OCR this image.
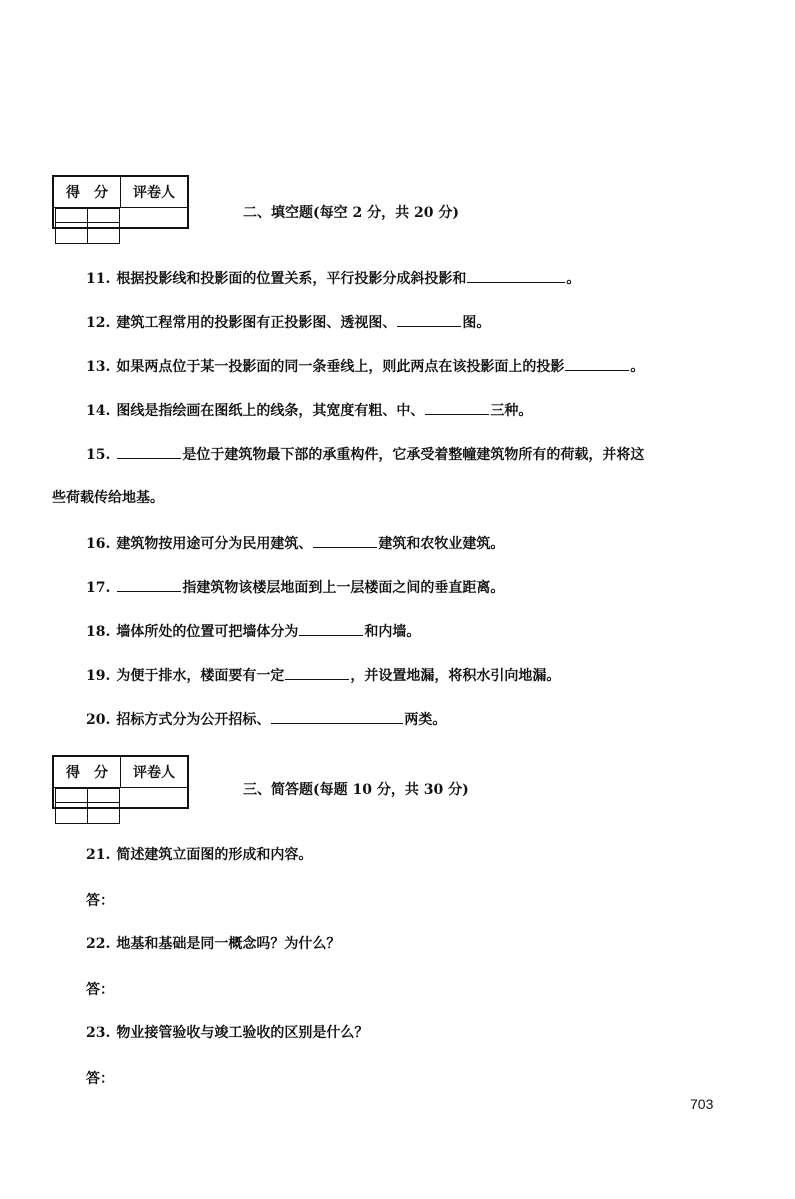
得　分	评卷人

二、填空题(每空 2 分，共 20 分)
11. 根据投影线和投影面的位置关系，平行投影分成斜投影和	。
12. 建筑工程常用的投影图有正投影图、透视图、	图。
13. 如果两点位于某一投影面的同一条垂线上，则此两点在该投影面上的投影	。
14. 图线是指绘画在图纸上的线条，其宽度有粗、中、	三种。
15.	是位于建筑物最下部的承重构件，它承受着整幢建筑物所有的荷载，并将这
些荷载传给地基。
16. 建筑物按用途可分为民用建筑、	建筑和农牧业建筑。
17.	指建筑物该楼层地面到上一层楼面之间的垂直距离。
18. 墙体所处的位置可把墙体分为	和内墙。
19. 为便于排水，楼面要有一定	，并设置地漏，将积水引向地漏。
20. 招标方式分为公开招标、	两类。
得　分	评卷人

三、简答题(每题 10 分，共 30 分)
21. 简述建筑立面图的形成和内容。
答：
22. 地基和基础是同一概念吗？为什么？
答：
23. 物业接管验收与竣工验收的区别是什么？
答：
703
